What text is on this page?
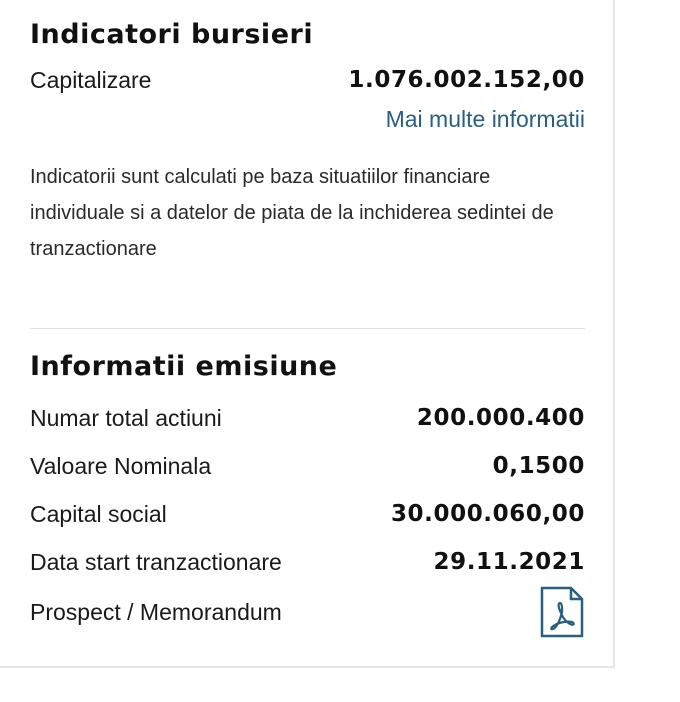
Indicatori bursieri
Capitalizare	1.076.002.152,00
Mai multe informatii

Indicatorii sunt calculati pe baza situatiilor financiare individuale si a datelor de piata de la inchiderea sedintei de tranzactionare

Informatii emisiune
Numar total actiuni	200.000.400
Valoare Nominala	0,1500
Capital social	30.000.060,00
Data start tranzactionare	29.11.2021
Prospect / Memorandum
